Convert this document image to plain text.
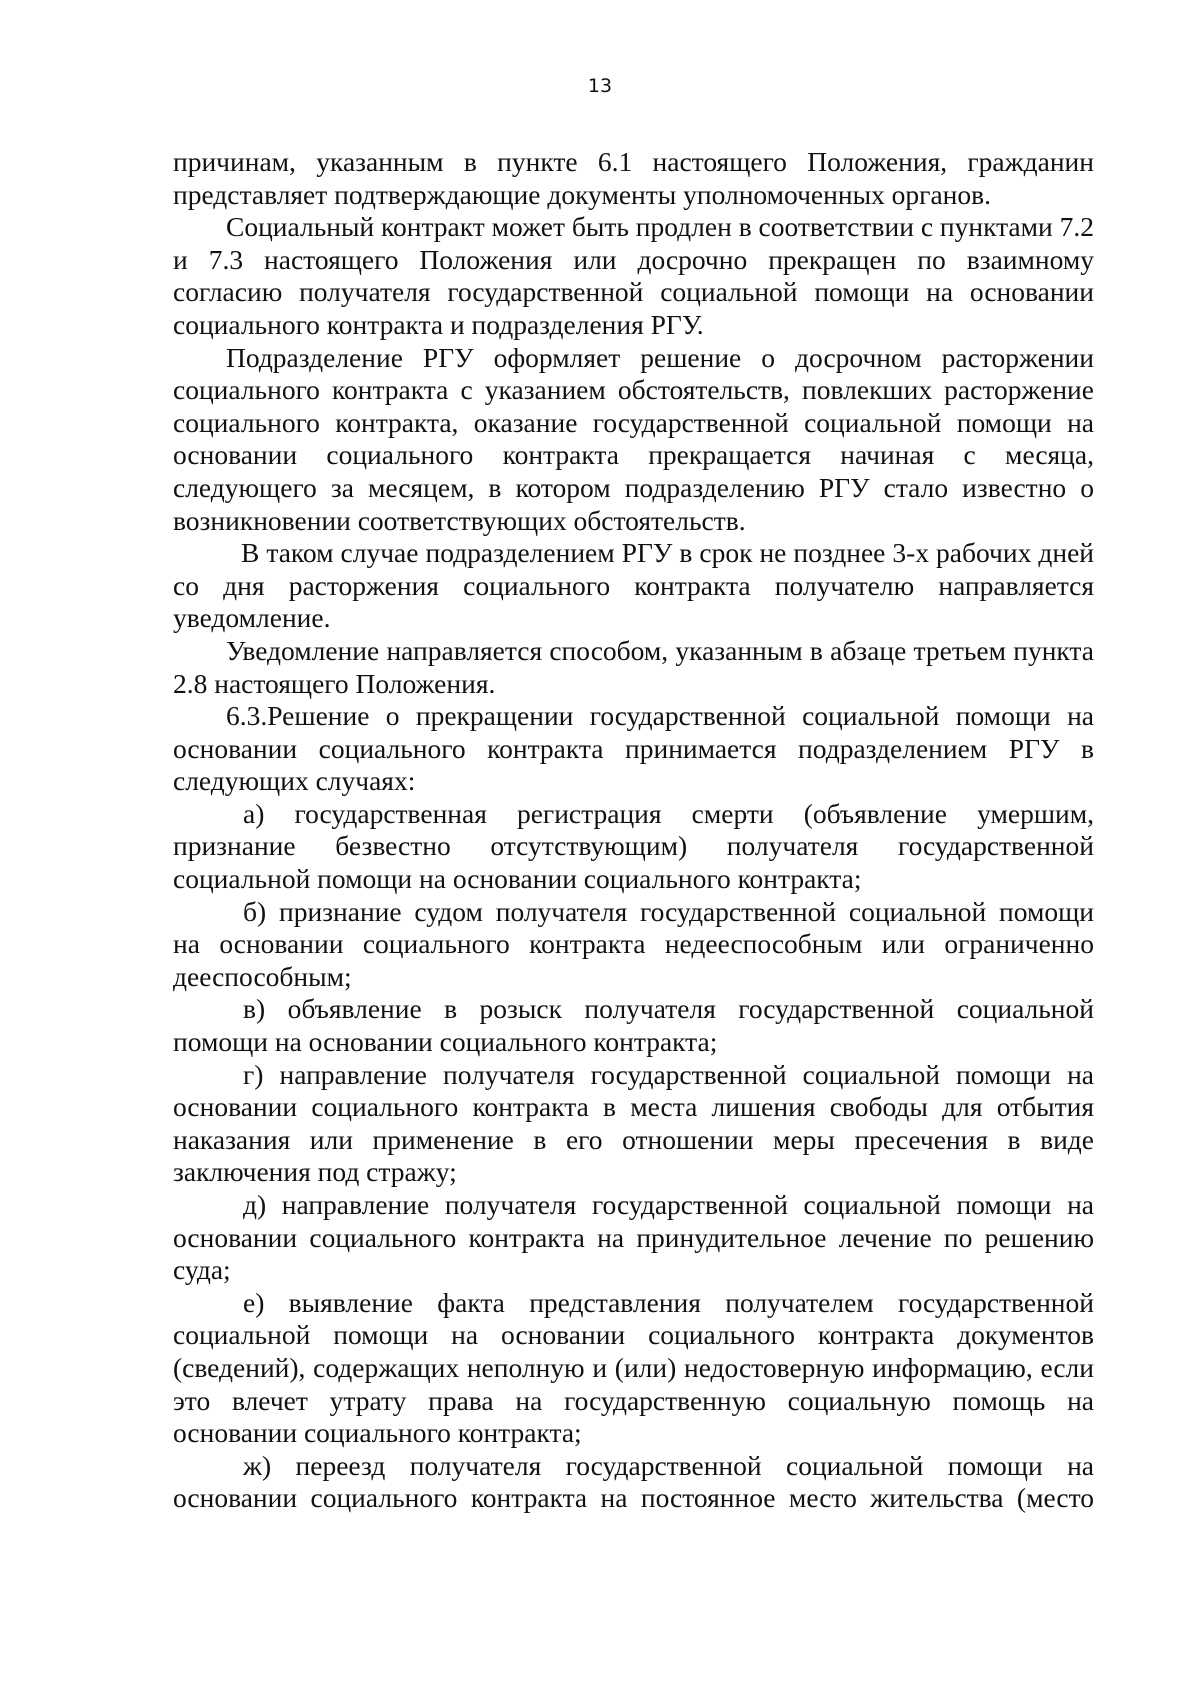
13

причинам, указанным в пункте 6.1 настоящего Положения, гражданин представляет подтверждающие документы уполномоченных органов.

Социальный контракт может быть продлен в соответствии с пунктами 7.2 и 7.3 настоящего Положения или досрочно прекращен по взаимному согласию получателя государственной социальной помощи на основании социального контракта и подразделения РГУ.

Подразделение РГУ оформляет решение о досрочном расторжении социального контракта с указанием обстоятельств, повлекших расторжение социального контракта, оказание государственной социальной помощи на основании социального контракта прекращается начиная с месяца, следующего за месяцем, в котором подразделению РГУ стало известно о возникновении соответствующих обстоятельств.

В таком случае подразделением РГУ в срок не позднее 3-х рабочих дней со дня расторжения социального контракта получателю направляется уведомление.

Уведомление направляется способом, указанным в абзаце третьем пункта 2.8 настоящего Положения.

6.3.Решение о прекращении государственной социальной помощи на основании социального контракта принимается подразделением РГУ в следующих случаях:

а) государственная регистрация смерти (объявление умершим, признание безвестно отсутствующим) получателя государственной социальной помощи на основании социального контракта;

б) признание судом получателя государственной социальной помощи

на основании социального контракта недееспособным или ограниченно дееспособным;

в) объявление в розыск получателя государственной социальной помощи на основании социального контракта;

г) направление получателя государственной социальной помощи на основании социального контракта в места лишения свободы для отбытия наказания или применение в его отношении меры пресечения в виде заключения под стражу;

д) направление получателя государственной социальной помощи на основании социального контракта на принудительное лечение по решению суда;

е) выявление факта представления получателем государственной социальной помощи на основании социального контракта документов (сведений), содержащих неполную и (или) недостоверную информацию, если это влечет утрату права на государственную социальную помощь на основании социального контракта;

ж) переезд получателя государственной социальной помощи на основании социального контракта на постоянное место жительства (место
